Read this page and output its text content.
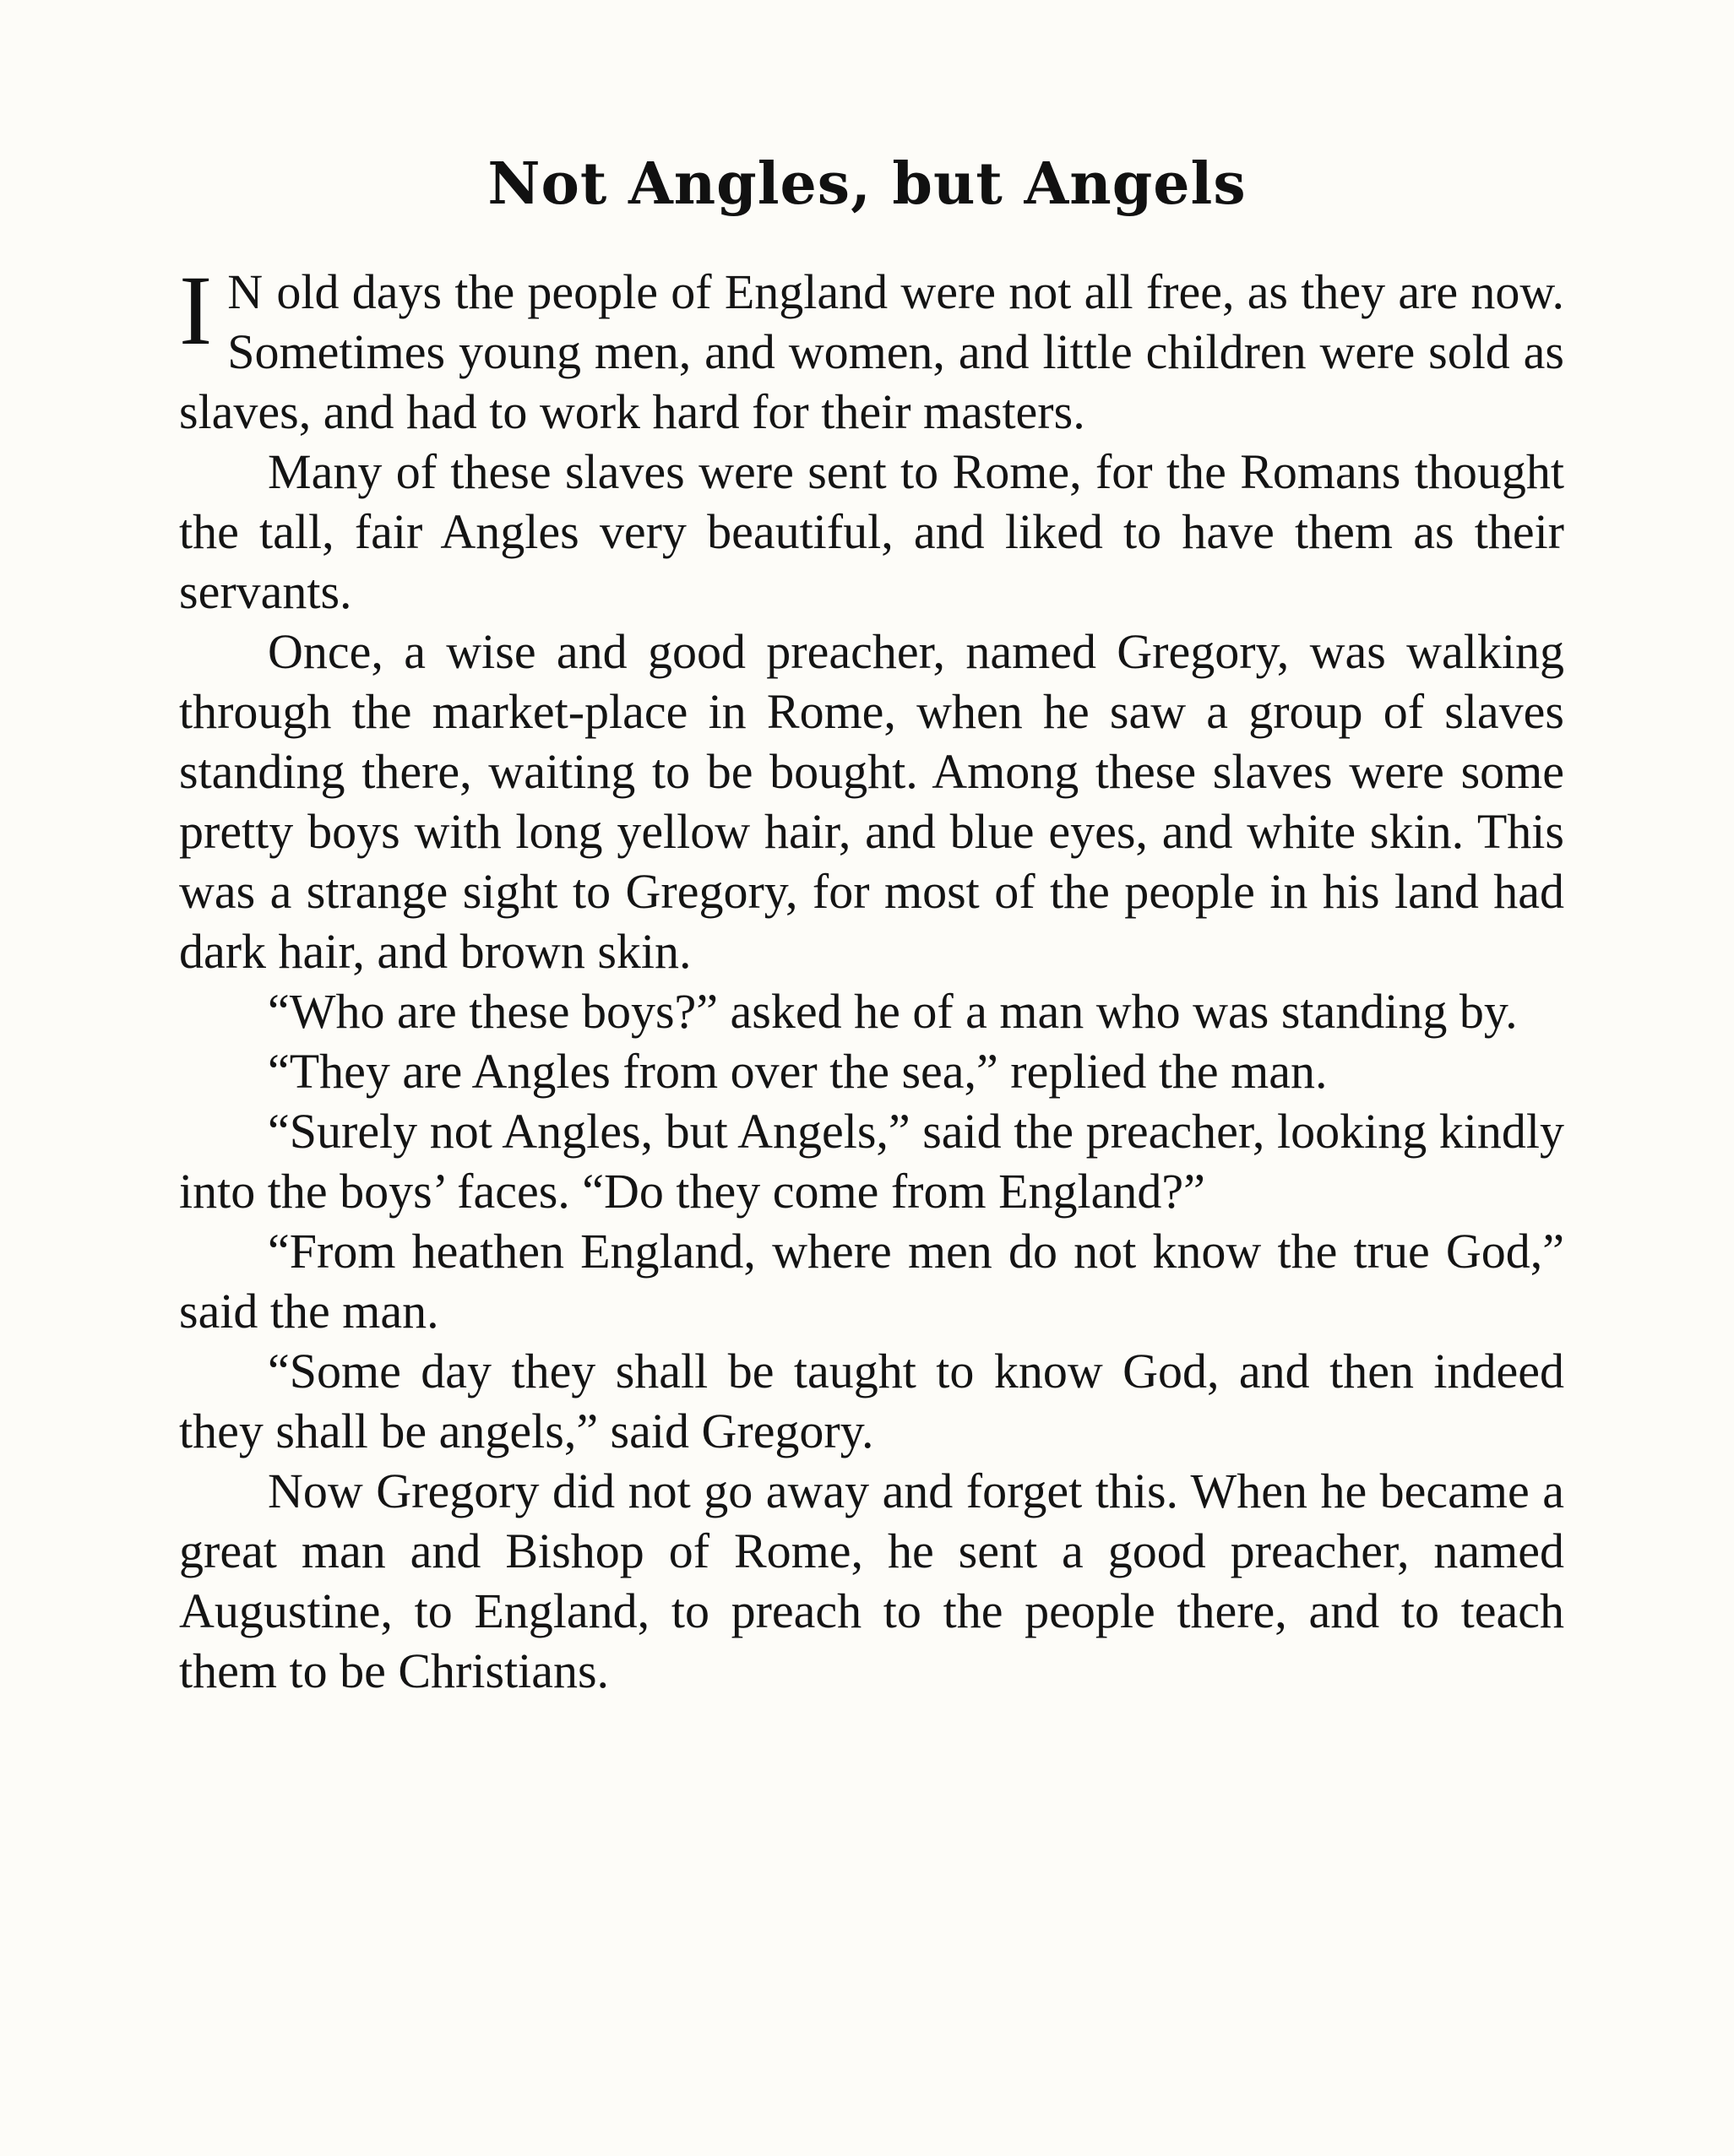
Not Angles, but Angels

I N old days the people of England were not all free, as they are now. Sometimes young men, and women, and little children were sold as slaves, and had to work hard for their masters.

Many of these slaves were sent to Rome, for the Romans thought the tall, fair Angles very beautiful, and liked to have them as their servants.

Once, a wise and good preacher, named Gregory, was walking through the market-place in Rome, when he saw a group of slaves standing there, waiting to be bought. Among these slaves were some pretty boys with long yellow hair, and blue eyes, and white skin. This was a strange sight to Gregory, for most of the people in his land had dark hair, and brown skin.

“Who are these boys?” asked he of a man who was standing by.

“They are Angles from over the sea,” replied the man.

“Surely not Angles, but Angels,” said the preacher, looking kindly into the boys’ faces. “Do they come from England?”

“From heathen England, where men do not know the true God,” said the man.

“Some day they shall be taught to know God, and then indeed they shall be angels,” said Gregory.

Now Gregory did not go away and forget this. When he became a great man and Bishop of Rome, he sent a good preacher, named Augustine, to England, to preach to the people there, and to teach them to be Christians.
